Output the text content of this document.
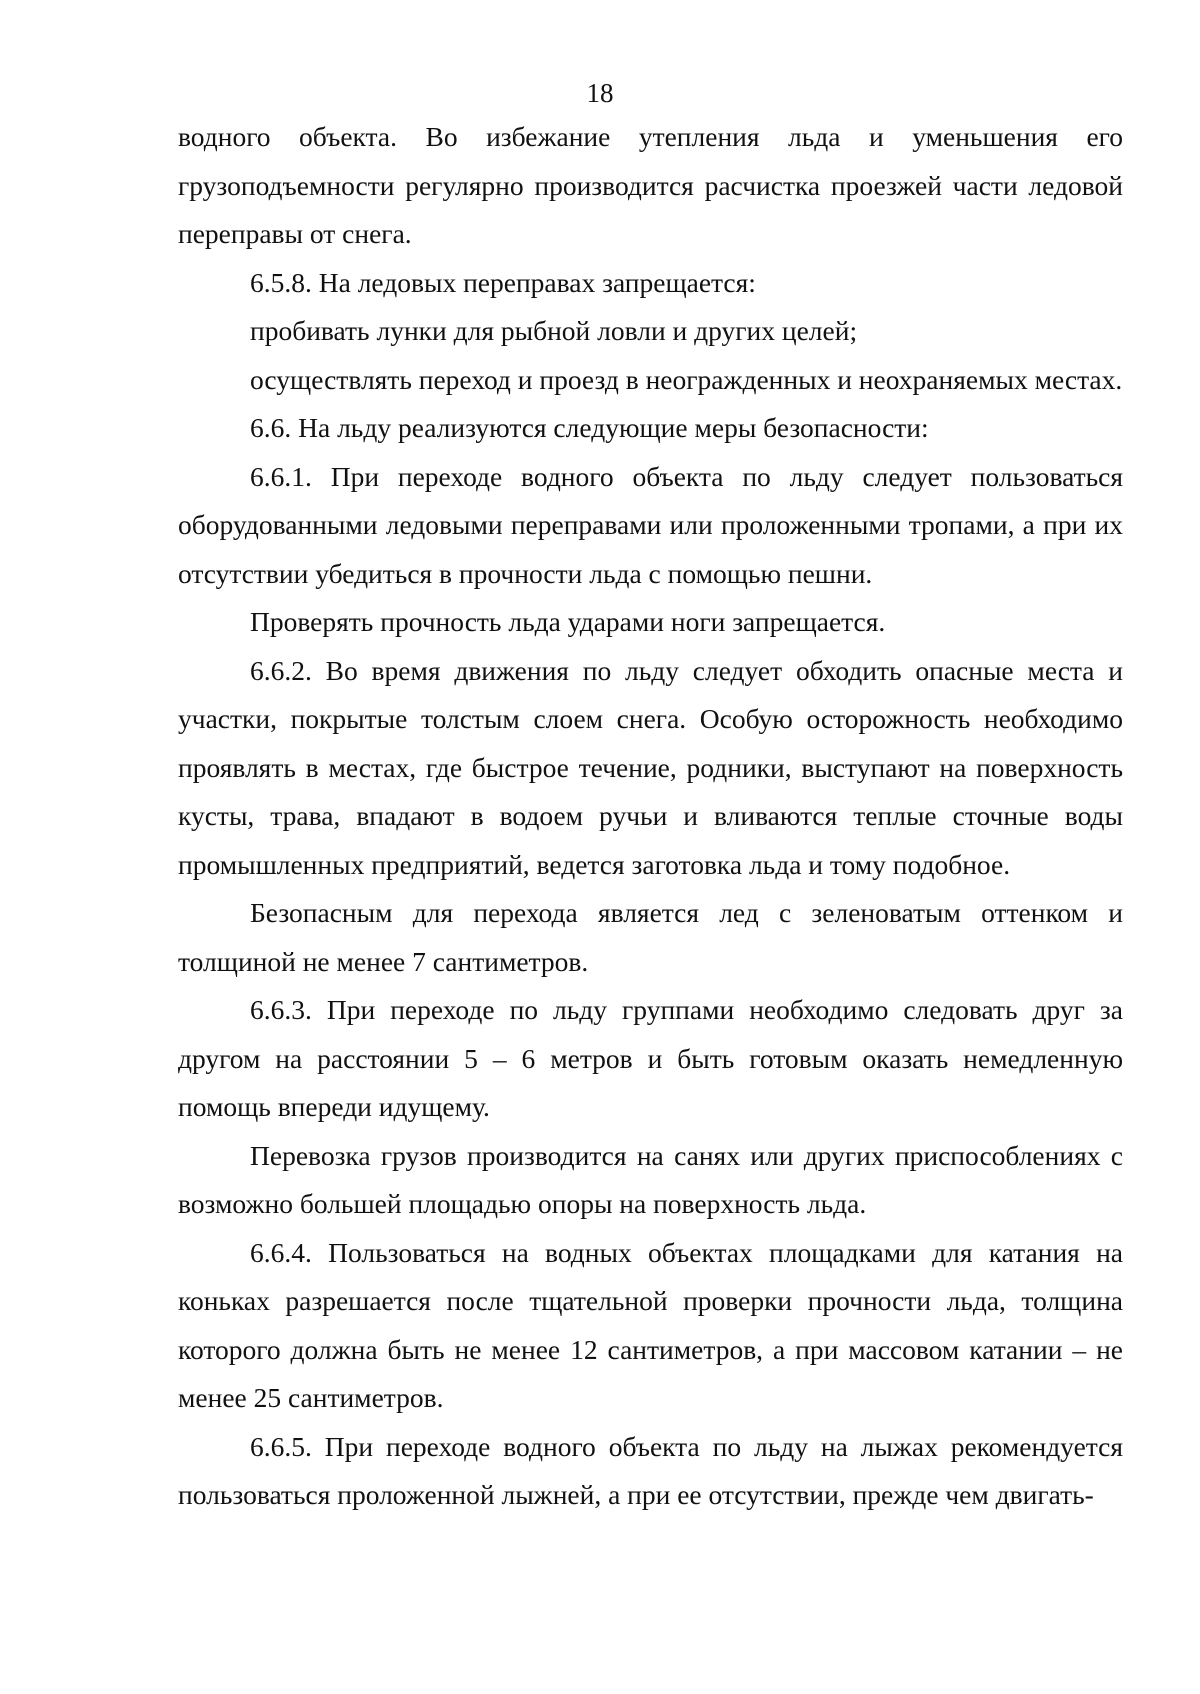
18

водного объекта. Во избежание утепления льда и уменьшения его грузоподъемности регулярно производится расчистка проезжей части ледовой переправы от снега.

6.5.8. На ледовых переправах запрещается:

пробивать лунки для рыбной ловли и других целей;

осуществлять переход и проезд в неогражденных и неохраняемых местах.

6.6. На льду реализуются следующие меры безопасности:

6.6.1. При переходе водного объекта по льду следует пользоваться оборудованными ледовыми переправами или проложенными тропами, а при их отсутствии убедиться в прочности льда с помощью пешни.

Проверять прочность льда ударами ноги запрещается.

6.6.2. Во время движения по льду следует обходить опасные места и участки, покрытые толстым слоем снега. Особую осторожность необходимо проявлять в местах, где быстрое течение, родники, выступают на поверхность кусты, трава, впадают в водоем ручьи и вливаются теплые сточные воды промышленных предприятий, ведется заготовка льда и тому подобное.

Безопасным для перехода является лед с зеленоватым оттенком и толщиной не менее 7 сантиметров.

6.6.3. При переходе по льду группами необходимо следовать друг за другом на расстоянии 5 – 6 метров и быть готовым оказать немедленную помощь впереди идущему.

Перевозка грузов производится на санях или других приспособлениях с возможно большей площадью опоры на поверхность льда.

6.6.4. Пользоваться на водных объектах площадками для катания на коньках разрешается после тщательной проверки прочности льда, толщина которого должна быть не менее 12 сантиметров, а при массовом катании – не менее 25 сантиметров.

6.6.5. При переходе водного объекта по льду на лыжах рекомендуется пользоваться проложенной лыжней, а при ее отсутствии, прежде чем двигать-
